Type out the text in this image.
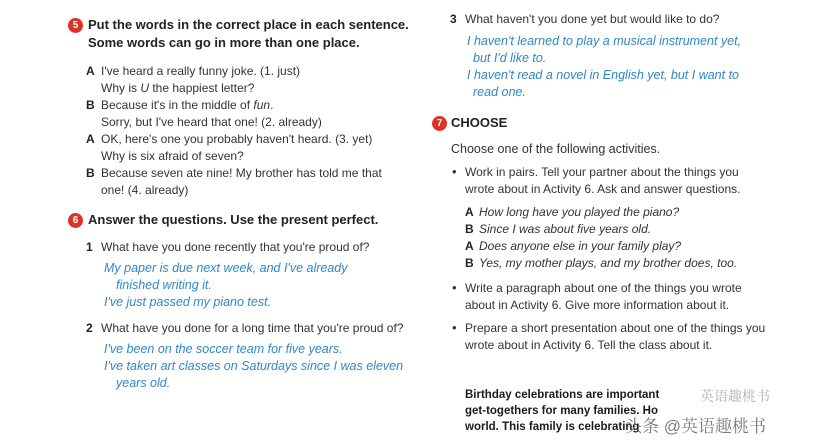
5 Put the words in the correct place in each sentence.
Some words can go in more than one place.
A I've heard a really funny joke. (1. just)
Why is U the happiest letter?
B Because it's in the middle of fun.
Sorry, but I've heard that one! (2. already)
A OK, here's one you probably haven't heard. (3. yet)
Why is six afraid of seven?
B Because seven ate nine! My brother has told me that
one! (4. already)
6 Answer the questions. Use the present perfect.
1 What have you done recently that you're proud of?
My paper is due next week, and I've already
finished writing it.
I've just passed my piano test.
2 What have you done for a long time that you're proud of?
I've been on the soccer team for five years.
I've taken art classes on Saturdays since I was eleven
years old.
3 What haven't you done yet but would like to do?
I haven't learned to play a musical instrument yet,
but I'd like to.
I haven't read a novel in English yet, but I want to
read one.
7 CHOOSE
Choose one of the following activities.
• Work in pairs. Tell your partner about the things you
wrote about in Activity 6. Ask and answer questions.
A How long have you played the piano?
B Since I was about five years old.
A Does anyone else in your family play?
B Yes, my mother plays, and my brother does, too.
• Write a paragraph about one of the things you wrote
about in Activity 6. Give more information about it.
• Prepare a short presentation about one of the things you
wrote about in Activity 6. Tell the class about it.
Birthday celebrations are important
get-togethers for many families. Ho
world. This family is celebrating
英语趣桃书
头条 @英语趣桃书
